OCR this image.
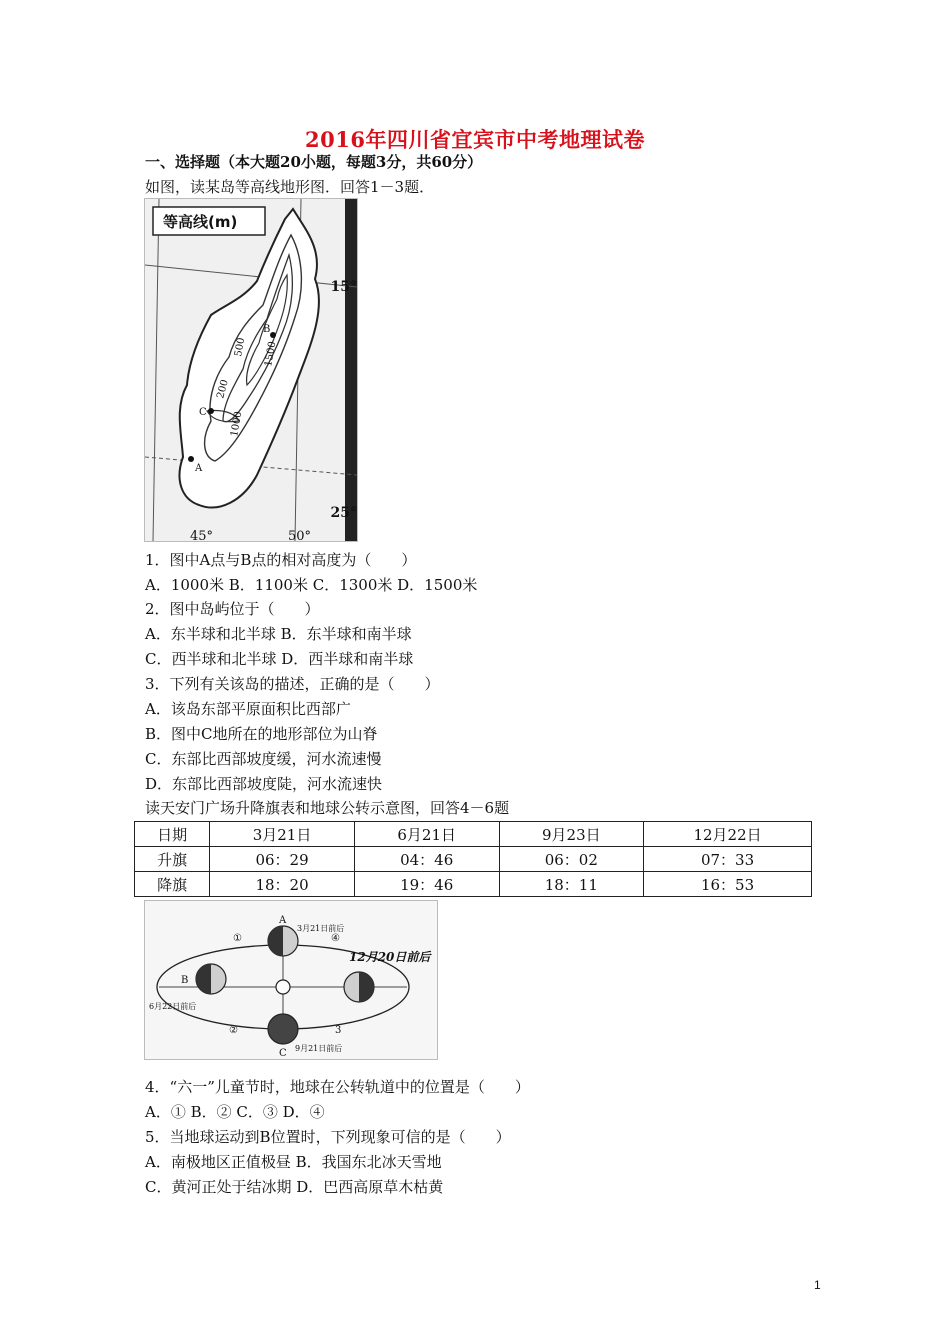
2016年四川省宜宾市中考地理试卷
一、选择题（本大题20小题，每题3分，共60分）
如图，读某岛等高线地形图．回答1－3题．
等高线(m)
15°
25°
500 1500
200
1000
B
C
A
45°	50°
1．图中A点与B点的相对高度为（　　）
A．1000米 B．1100米 C．1300米 D．1500米
2．图中岛屿位于（　　）
A．东半球和北半球 B．东半球和南半球
C．西半球和北半球 D．西半球和南半球
3．下列有关该岛的描述，正确的是（　　）
A．该岛东部平原面积比西部广
B．图中C地所在的地形部位为山脊
C．东部比西部坡度缓，河水流速慢
D．东部比西部坡度陡，河水流速快
读天安门广场升降旗表和地球公转示意图，回答4－6题
日期	3月21日	6月21日	9月23日	12月22日
升旗	06：29	04：46	06：02	07：33
降旗	18：20	19：46	18：11	16：53
A
B
C
3月21日前后
6月22日前后
9月21日前后
12月20日前后
①
②	3
④
4．“六一”儿童节时，地球在公转轨道中的位置是（　　）
A．① B．② C．③ D．④
5．当地球运动到B位置时，下列现象可信的是（　　）
A．南极地区正值极昼 B．我国东北冰天雪地
C．黄河正处于结冰期 D．巴西高原草木枯黄
1
